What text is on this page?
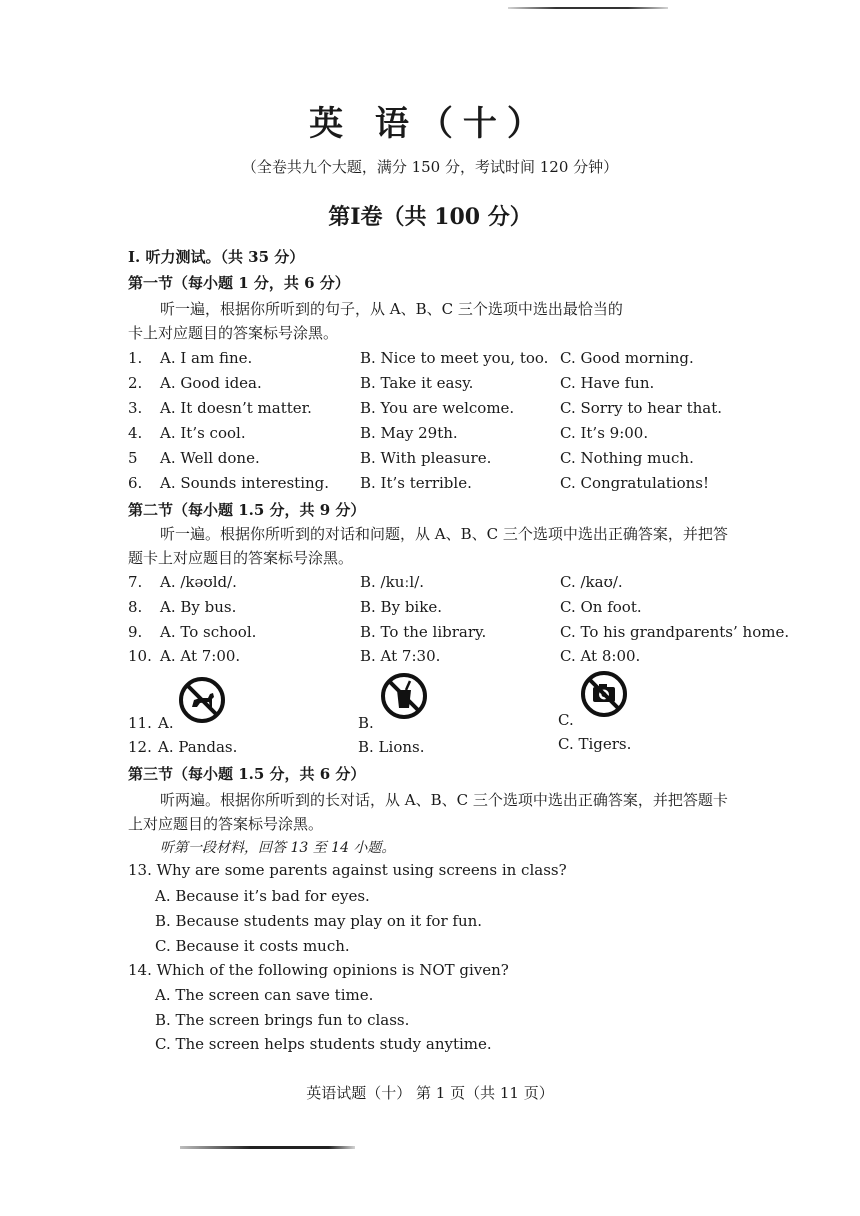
英 语（十）
（全卷共九个大题，满分 150 分，考试时间 120 分钟）
第Ⅰ卷（共 100 分）
Ⅰ. 听力测试。（共 35 分）
第一节（每小题 1 分，共 6 分）
听一遍，根据你所听到的句子，从 A、B、C 三个选项中选出最恰当的
卡上对应题目的答案标号涂黑。
1. A. I am fine.	B. Nice to meet you, too. C. Good morning.
2. A. Good idea.	B. Take it easy.	C. Have fun.
3. A. It doesn’t matter.	B. You are welcome.	C. Sorry to hear that.
4. A. It’s cool.	B. May 29th.	C. It’s 9:00.
5 A. Well done.	B. With pleasure.	C. Nothing much.
6. A. Sounds interesting. B. It’s terrible.	C. Congratulations!
第二节（每小题 1.5 分，共 9 分）
听一遍。根据你所听到的对话和问题，从 A、B、C 三个选项中选出正确答案，并把答
题卡上对应题目的答案标号涂黑。
7. A. /kəʊld/.	B. /kuːl/.	C. /kaʊ/.
8. A. By bus.	B. By bike.	C. On foot.
9. A. To school.	B. To the library.	C. To his grandparents’ home.
10. A. At 7:00.	B. At 7:30.	C. At 8:00.
11. A.	B.	C.
12. A. Pandas.	B. Lions.	C. Tigers.
第三节（每小题 1.5 分，共 6 分）
听两遍。根据你所听到的长对话，从 A、B、C 三个选项中选出正确答案，并把答题卡
上对应题目的答案标号涂黑。
听第一段材料，回答 13 至 14 小题。
13. Why are some parents against using screens in class?
A. Because it’s bad for eyes.
B. Because students may play on it for fun.
C. Because it costs much.
14. Which of the following opinions is NOT given?
A. The screen can save time.
B. The screen brings fun to class.
C. The screen helps students study anytime.
英语试题（十） 第 1 页（共 11 页）
